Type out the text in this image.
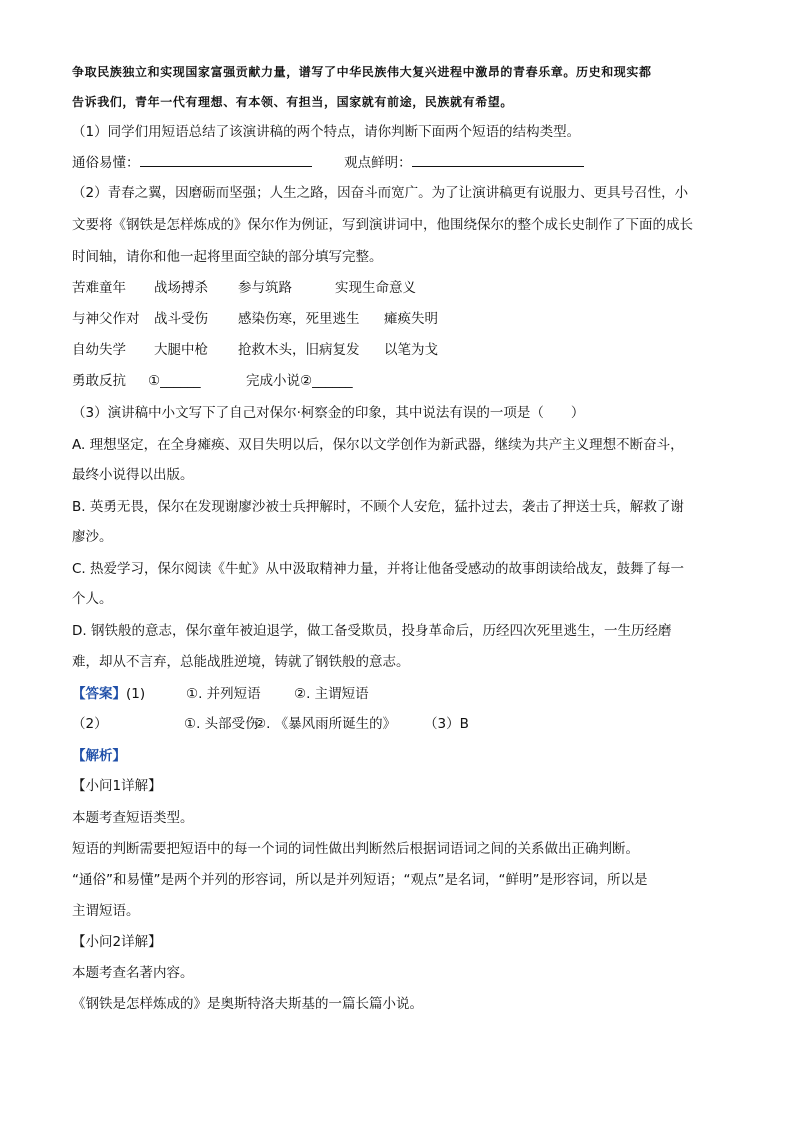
争取民族独立和实现国家富强贡献力量，谱写了中华民族伟大复兴进程中激昂的青春乐章。历史和现实都
告诉我们，青年一代有理想、有本领、有担当，国家就有前途，民族就有希望。
（1）同学们用短语总结了该演讲稿的两个特点，请你判断下面两个短语的结构类型。
通俗易懂：	观点鲜明：
（2）青春之翼，因磨砺而坚强；人生之路，因奋斗而宽广。为了让演讲稿更有说服力、更具号召性，小
文要将《钢铁是怎样炼成的》保尔作为例证，写到演讲词中，他围绕保尔的整个成长史制作了下面的成长
时间轴，请你和他一起将里面空缺的部分填写完整。
苦难童年 战场搏杀 参与筑路	实现生命意义
与神父作对 战斗受伤 感染伤寒，死里逃生 瘫痪失明
自幼失学 大腿中枪 抢救木头，旧病复发 以笔为戈
勇敢反抗 ①______	完成小说②______
（3）演讲稿中小文写下了自己对保尔·柯察金的印象，其中说法有误的一项是（　　）
A. 理想坚定，在全身瘫痪、双目失明以后，保尔以文学创作为新武器，继续为共产主义理想不断奋斗，
最终小说得以出版。
B. 英勇无畏，保尔在发现谢廖沙被士兵押解时，不顾个人安危，猛扑过去，袭击了押送士兵，解救了谢
廖沙。
C. 热爱学习，保尔阅读《牛虻》从中汲取精神力量，并将让他备受感动的故事朗读给战友，鼓舞了每一
个人。
D. 钢铁般的意志，保尔童年被迫退学，做工备受欺员，投身革命后，历经四次死里逃生，一生历经磨
难，却从不言弃，总能战胜逆境，铸就了钢铁般的意志。
【答案】(1)	①. 并列短语 ②. 主谓短语
（2）	①. 头部受伤②. 《暴风雨所诞生的》 （3）B
【解析】
【小问1详解】
本题考查短语类型。
短语的判断需要把短语中的每一个词的词性做出判断然后根据词语词之间的关系做出正确判断。
“通俗”和易懂”是两个并列的形容词，所以是并列短语；“观点”是名词，“鲜明”是形容词，所以是
主谓短语。
【小问2详解】
本题考查名著内容。
《钢铁是怎样炼成的》是奥斯特洛夫斯基的一篇长篇小说。
